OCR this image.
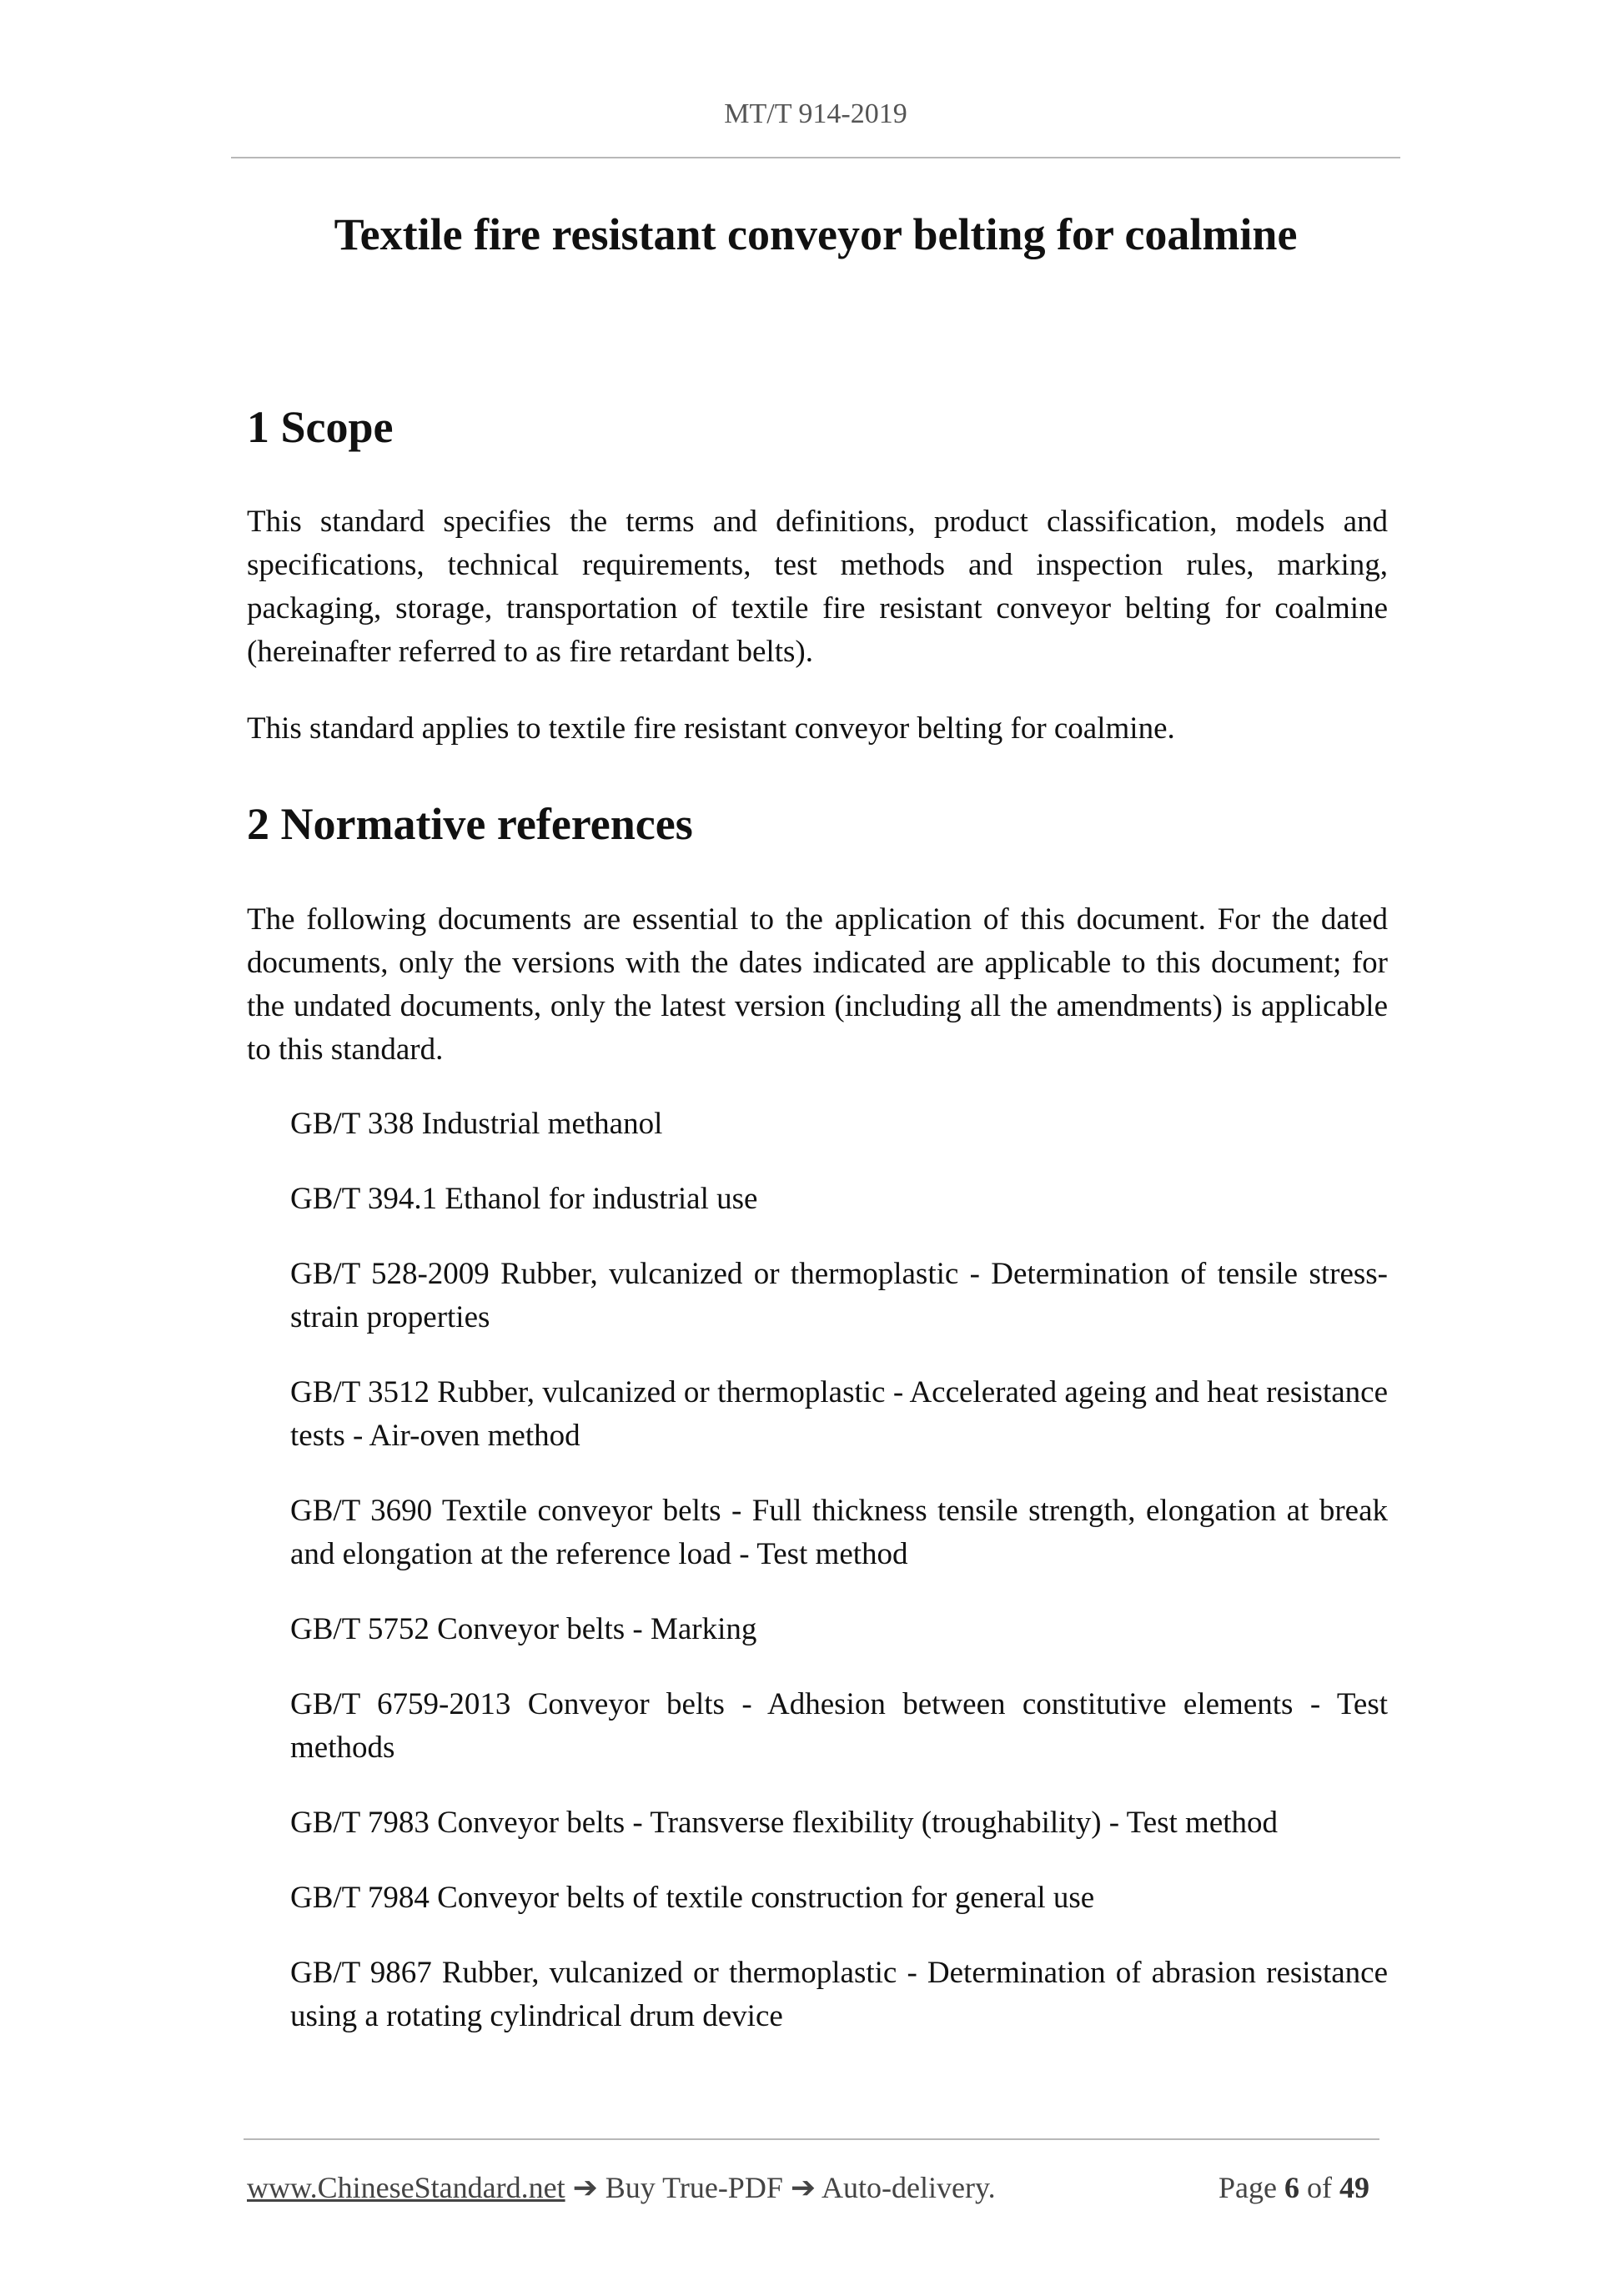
MT/T 914-2019
Textile fire resistant conveyor belting for coalmine
1 Scope

This standard specifies the terms and definitions, product classification, models and specifications, technical requirements, test methods and inspection rules, marking, packaging, storage, transportation of textile fire resistant conveyor belting for coalmine (hereinafter referred to as fire retardant belts).

This standard applies to textile fire resistant conveyor belting for coalmine.

2 Normative references

The following documents are essential to the application of this document. For the dated documents, only the versions with the dates indicated are applicable to this document; for the undated documents, only the latest version (including all the amendments) is applicable to this standard.

GB/T 338 Industrial methanol
GB/T 394.1 Ethanol for industrial use
GB/T 528-2009 Rubber, vulcanized or thermoplastic - Determination of tensile stress-strain properties
GB/T 3512 Rubber, vulcanized or thermoplastic - Accelerated ageing and heat resistance tests - Air-oven method
GB/T 3690 Textile conveyor belts - Full thickness tensile strength, elongation at break and elongation at the reference load - Test method
GB/T 5752 Conveyor belts - Marking
GB/T 6759-2013 Conveyor belts - Adhesion between constitutive elements - Test methods
GB/T 7983 Conveyor belts - Transverse flexibility (troughability) - Test method
GB/T 7984 Conveyor belts of textile construction for general use
GB/T 9867 Rubber, vulcanized or thermoplastic - Determination of abrasion resistance using a rotating cylindrical drum device
www.ChineseStandard.net ➔ Buy True-PDF ➔ Auto-delivery.	Page 6 of 49
